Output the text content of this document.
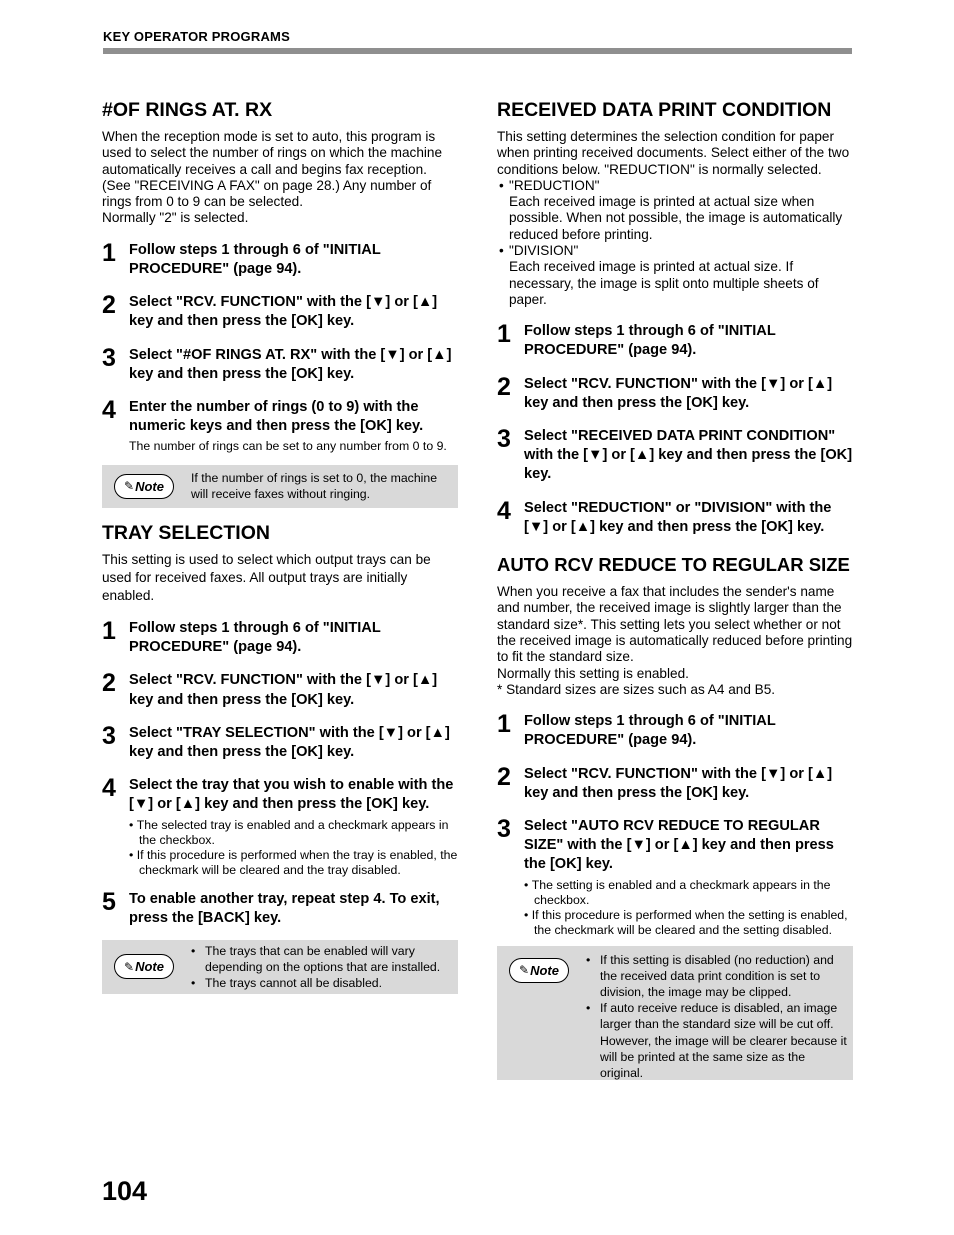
KEY OPERATOR PROGRAMS
#OF RINGS AT. RX

When the reception mode is set to auto, this program is used to select the number of rings on which the machine automatically receives a call and begins fax reception. (See "RECEIVING A FAX" on page 28.) Any number of rings from 0 to 9 can be selected.

Normally "2" is selected.

1 Follow steps 1 through 6 of "INITIAL PROCEDURE" (page 94).
2 Select "RCV. FUNCTION" with the [▼] or [▲] key and then press the [OK] key.
3 Select "#OF RINGS AT. RX" with the [▼] or [▲] key and then press the [OK] key.
4 Enter the number of rings (0 to 9) with the numeric keys and then press the [OK] key.
The number of rings can be set to any number from 0 to 9.
✎ Note
If the number of rings is set to 0, the machine will receive faxes without ringing.
TRAY SELECTION

This setting is used to select which output trays can be used for received faxes. All output trays are initially enabled.

1 Follow steps 1 through 6 of "INITIAL PROCEDURE" (page 94).
2 Select "RCV. FUNCTION" with the [▼] or [▲] key and then press the [OK] key.
3 Select "TRAY SELECTION" with the [▼] or [▲] key and then press the [OK] key.
4 Select the tray that you wish to enable with the [▼] or [▲] key and then press the [OK] key.
• The selected tray is enabled and a checkmark appears in the checkbox.
• If this procedure is performed when the tray is enabled, the checkmark will be cleared and the tray disabled.
5 To enable another tray, repeat step 4. To exit, press the [BACK] key.
✎ Note
• The trays that can be enabled will vary depending on the options that are installed.
• The trays cannot all be disabled.
RECEIVED DATA PRINT CONDITION
This setting determines the selection condition for paper when printing received documents. Select either of the two conditions below. "REDUCTION" is normally selected.
• "REDUCTION"
Each received image is printed at actual size when possible. When not possible, the image is automatically reduced before printing.
• "DIVISION"
Each received image is printed at actual size. If necessary, the image is split onto multiple sheets of paper.
1 Follow steps 1 through 6 of "INITIAL PROCEDURE" (page 94).
2 Select "RCV. FUNCTION" with the [▼] or [▲] key and then press the [OK] key.
3 Select "RECEIVED DATA PRINT CONDITION" with the [▼] or [▲] key and then press the [OK] key.
4 Select "REDUCTION" or "DIVISION" with the [▼] or [▲] key and then press the [OK] key.
AUTO RCV REDUCE TO REGULAR SIZE

When you receive a fax that includes the sender's name and number, the received image is slightly larger than the standard size*. This setting lets you select whether or not the received image is automatically reduced before printing to fit the standard size.

Normally this setting is enabled.

* Standard sizes are sizes such as A4 and B5.

1 Follow steps 1 through 6 of "INITIAL PROCEDURE" (page 94).
2 Select "RCV. FUNCTION" with the [▼] or [▲] key and then press the [OK] key.
3 Select "AUTO RCV REDUCE TO REGULAR SIZE" with the [▼] or [▲] key and then press the [OK] key.
• The setting is enabled and a checkmark appears in the checkbox.
• If this procedure is performed when the setting is enabled, the checkmark will be cleared and the setting disabled.
✎ Note
• If this setting is disabled (no reduction) and the received data print condition is set to division, the image may be clipped.
• If auto receive reduce is disabled, an image larger than the standard size will be cut off. However, the image will be clearer because it will be printed at the same size as the original.
104
